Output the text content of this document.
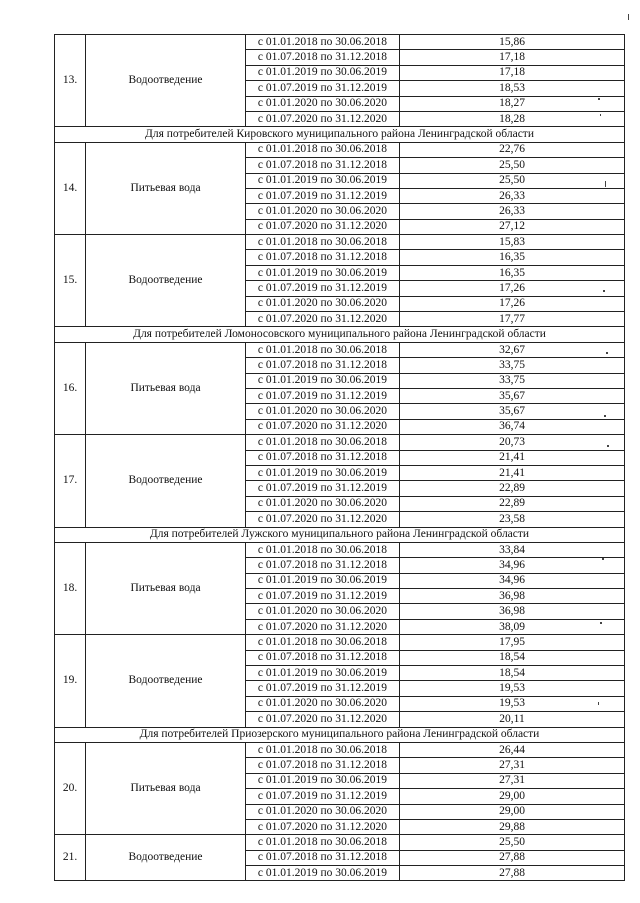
13.	Водоотведение	с 01.01.2018 по 30.06.2018	15,86
		с 01.07.2018 по 31.12.2018	17,18
		с 01.01.2019 по 30.06.2019	17,18
		с 01.07.2019 по 31.12.2019	18,53
		с 01.01.2020 по 30.06.2020	18,27
		с 01.07.2020 по 31.12.2020	18,28
Для потребителей Кировского муниципального района Ленинградской области			
14.	Питьевая вода	с 01.01.2018 по 30.06.2018	22,76
		с 01.07.2018 по 31.12.2018	25,50
		с 01.01.2019 по 30.06.2019	25,50
		с 01.07.2019 по 31.12.2019	26,33
		с 01.01.2020 по 30.06.2020	26,33
		с 01.07.2020 по 31.12.2020	27,12
15.	Водоотведение	с 01.01.2018 по 30.06.2018	15,83
		с 01.07.2018 по 31.12.2018	16,35
		с 01.01.2019 по 30.06.2019	16,35
		с 01.07.2019 по 31.12.2019	17,26
		с 01.01.2020 по 30.06.2020	17,26
		с 01.07.2020 по 31.12.2020	17,77
Для потребителей Ломоносовского муниципального района Ленинградской области			
16.	Питьевая вода	с 01.01.2018 по 30.06.2018	32,67
		с 01.07.2018 по 31.12.2018	33,75
		с 01.01.2019 по 30.06.2019	33,75
		с 01.07.2019 по 31.12.2019	35,67
		с 01.01.2020 по 30.06.2020	35,67
		с 01.07.2020 по 31.12.2020	36,74
17.	Водоотведение	с 01.01.2018 по 30.06.2018	20,73
		с 01.07.2018 по 31.12.2018	21,41
		с 01.01.2019 по 30.06.2019	21,41
		с 01.07.2019 по 31.12.2019	22,89
		с 01.01.2020 по 30.06.2020	22,89
		с 01.07.2020 по 31.12.2020	23,58
Для потребителей Лужского муниципального района Ленинградской области			
18.	Питьевая вода	с 01.01.2018 по 30.06.2018	33,84
		с 01.07.2018 по 31.12.2018	34,96
		с 01.01.2019 по 30.06.2019	34,96
		с 01.07.2019 по 31.12.2019	36,98
		с 01.01.2020 по 30.06.2020	36,98
		с 01.07.2020 по 31.12.2020	38,09
19.	Водоотведение	с 01.01.2018 по 30.06.2018	17,95
		с 01.07.2018 по 31.12.2018	18,54
		с 01.01.2019 по 30.06.2019	18,54
		с 01.07.2019 по 31.12.2019	19,53
		с 01.01.2020 по 30.06.2020	19,53
		с 01.07.2020 по 31.12.2020	20,11
Для потребителей Приозерского муниципального района Ленинградской области			
20.	Питьевая вода	с 01.01.2018 по 30.06.2018	26,44
		с 01.07.2018 по 31.12.2018	27,31
		с 01.01.2019 по 30.06.2019	27,31
		с 01.07.2019 по 31.12.2019	29,00
		с 01.01.2020 по 30.06.2020	29,00
		с 01.07.2020 по 31.12.2020	29,88
21.	Водоотведение	с 01.01.2018 по 30.06.2018	25,50
		с 01.07.2018 по 31.12.2018	27,88
		с 01.01.2019 по 30.06.2019	27,88
